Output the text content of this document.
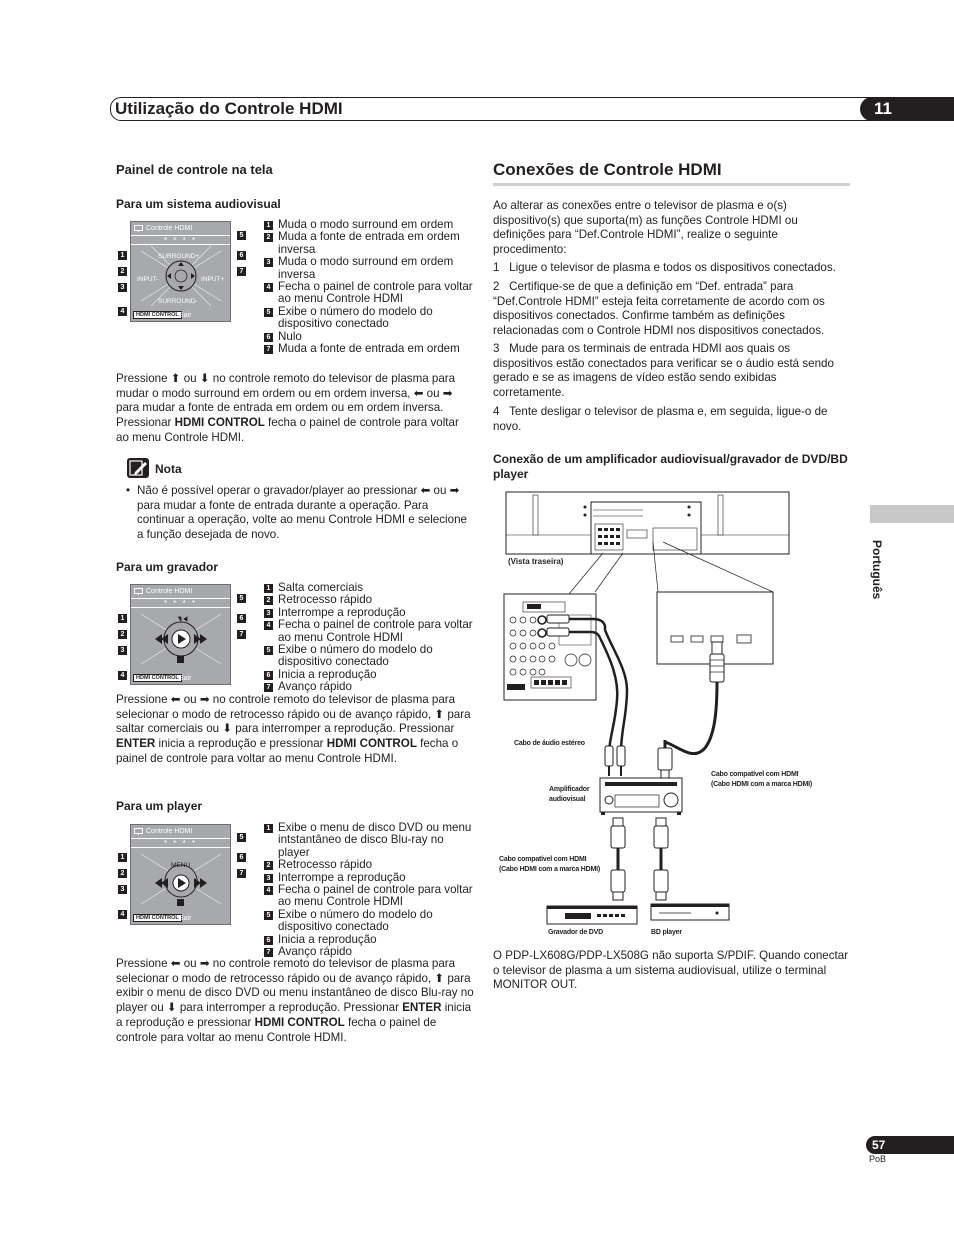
Utilização do Controle HDMI	11
Português
Painel de controle na tela
Para um sistema audiovisual
Controle HDMI
* * * *
SURROUND+
SURROUND-
INPUT-	INPUT+
HDMI CONTROL Sair
1
2
3
4
5
6
7
1 Muda o modo surround em ordem
2 Muda a fonte de entrada em ordem inversa
3 Muda o modo surround em ordem inversa
4 Fecha o painel de controle para voltar ao menu Controle HDMI
5 Exibe o número do modelo do dispositivo conectado
6 Nulo
7 Muda a fonte de entrada em ordem
Pressione ⬆ ou ⬇ no controle remoto do televisor de plasma para mudar o modo surround em ordem ou em ordem inversa, ⬅ ou ➡ para mudar a fonte de entrada em ordem ou em ordem inversa. Pressionar HDMI CONTROL fecha o painel de controle para voltar ao menu Controle HDMI.
Nota
• Não é possível operar o gravador/player ao pressionar ⬅ ou ➡ para mudar a fonte de entrada durante a operação. Para continuar a operação, volte ao menu Controle HDMI e selecione a função desejada de novo.
Para um gravador
Controle HDMI
* * * *
HDMI CONTROL Sair
1
2
3
4
5
6
7
1 Salta comerciais
2 Retrocesso rápido
3 Interrompe a reprodução
4 Fecha o painel de controle para voltar ao menu Controle HDMI
5 Exibe o número do modelo do dispositivo conectado
6 Inicia a reprodução
7 Avanço rápido
Pressione ⬅ ou ➡ no controle remoto do televisor de plasma para selecionar o modo de retrocesso rápido ou de avanço rápido, ⬆ para saltar comerciais ou ⬇ para interromper a reprodução. Pressionar ENTER inicia a reprodução e pressionar HDMI CONTROL fecha o painel de controle para voltar ao menu Controle HDMI.
Para um player
Controle HDMI
* * * *
MENU
HDMI CONTROL Sair
1
2
3
4
5
6
7
1 Exibe o menu de disco DVD ou menu intstantâneo de disco Blu-ray no player
2 Retrocesso rápido
3 Interrompe a reprodução
4 Fecha o painel de controle para voltar ao menu Controle HDMI
5 Exibe o número do modelo do dispositivo conectado
6 Inicia a reprodução
7 Avanço rápido
Pressione ⬅ ou ➡ no controle remoto do televisor de plasma para selecionar o modo de retrocesso rápido ou de avanço rápido, ⬆ para exibir o menu de disco DVD ou menu instantâneo de disco Blu-ray no player ou ⬇ para interromper a reprodução. Pressionar ENTER inicia a reprodução e pressionar HDMI CONTROL fecha o painel de controle para voltar ao menu Controle HDMI.
Conexões de Controle HDMI
Ao alterar as conexões entre o televisor de plasma e o(s) dispositivo(s) que suporta(m) as funções Controle HDMI ou definições para “Def.Controle HDMI”, realize o seguinte procedimento:
1 Ligue o televisor de plasma e todos os dispositivos conectados.
2 Certifique-se de que a definição em “Def. entrada” para “Def.Controle HDMI” esteja feita corretamente de acordo com os dispositivos conectados. Confirme também as definições relacionadas com o Controle HDMI nos dispositivos conectados.
3 Mude para os terminais de entrada HDMI aos quais os dispositivos estão conectados para verificar se o áudio está sendo gerado e se as imagens de vídeo estão sendo exibidas corretamente.
4 Tente desligar o televisor de plasma e, em seguida, ligue-o de novo.
Conexão de um amplificador audiovisual/gravador de DVD/BD player
(Vista traseira)
Cabo de áudio estéreo
Amplificador
audiovisual
Cabo compatível com HDMI
(Cabo HDMI com a marca HDMI)
Cabo compatível com HDMI
(Cabo HDMI com a marca HDMI)
Gravador de DVD	BD player
O PDP-LX608G/PDP-LX508G não suporta S/PDIF. Quando conectar o televisor de plasma a um sistema audiovisual, utilize o terminal MONITOR OUT.
57
PoB
